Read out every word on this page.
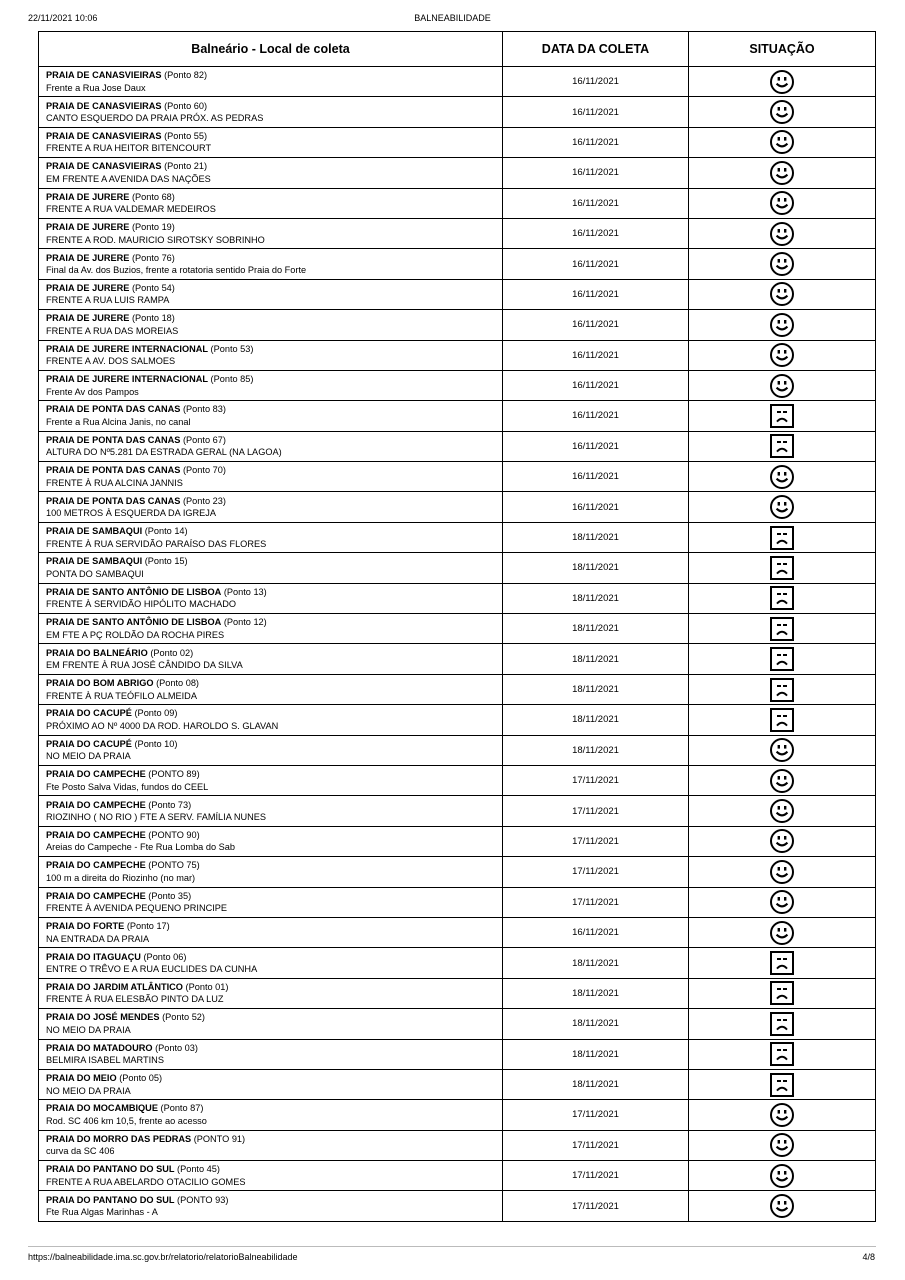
22/11/2021 10:06	BALNEABILIDADE
Balneário - Local de coleta	DATA DA COLETA	SITUAÇÃO
PRAIA DE CANASVIEIRAS (Ponto 82)
Frente a Rua Jose Daux	16/11/2021	

PRAIA DE CANASVIEIRAS (Ponto 60)
CANTO ESQUERDO DA PRAIA PRÓX. AS PEDRAS	16/11/2021	

PRAIA DE CANASVIEIRAS (Ponto 55)
FRENTE A RUA HEITOR BITENCOURT	16/11/2021	

PRAIA DE CANASVIEIRAS (Ponto 21)
EM FRENTE A AVENIDA DAS NAÇÕES	16/11/2021	

PRAIA DE JURERE (Ponto 68)
FRENTE A RUA VALDEMAR MEDEIROS	16/11/2021	

PRAIA DE JURERE (Ponto 19)
FRENTE A ROD. MAURICIO SIROTSKY SOBRINHO	16/11/2021	

PRAIA DE JURERE (Ponto 76)
Final da Av. dos Buzios, frente a rotatoria sentido Praia do Forte	16/11/2021	

PRAIA DE JURERE (Ponto 54)
FRENTE A RUA LUIS RAMPA	16/11/2021	

PRAIA DE JURERE (Ponto 18)
FRENTE A RUA DAS MOREIAS	16/11/2021	

PRAIA DE JURERE INTERNACIONAL (Ponto 53)
FRENTE A AV. DOS SALMOES	16/11/2021	

PRAIA DE JURERE INTERNACIONAL (Ponto 85)
Frente Av dos Pampos	16/11/2021	

PRAIA DE PONTA DAS CANAS (Ponto 83)
Frente a Rua Alcina Janis, no canal	16/11/2021	

PRAIA DE PONTA DAS CANAS (Ponto 67)
ALTURA DO Nº5.281 DA ESTRADA GERAL (NA LAGOA)	16/11/2021	

PRAIA DE PONTA DAS CANAS (Ponto 70)
FRENTE À RUA ALCINA JANNIS	16/11/2021	

PRAIA DE PONTA DAS CANAS (Ponto 23)
100 METROS À ESQUERDA DA IGREJA	16/11/2021	

PRAIA DE SAMBAQUI (Ponto 14)
FRENTE À RUA SERVIDÃO PARAÍSO DAS FLORES	18/11/2021	

PRAIA DE SAMBAQUI (Ponto 15)
PONTA DO SAMBAQUI	18/11/2021	

PRAIA DE SANTO ANTÔNIO DE LISBOA (Ponto 13)
FRENTE À SERVIDÃO HIPÓLITO MACHADO	18/11/2021	

PRAIA DE SANTO ANTÔNIO DE LISBOA (Ponto 12)
EM FTE A PÇ ROLDÃO DA ROCHA PIRES	18/11/2021	

PRAIA DO BALNEÁRIO (Ponto 02)
EM FRENTE À RUA JOSÉ CÂNDIDO DA SILVA	18/11/2021	

PRAIA DO BOM ABRIGO (Ponto 08)
FRENTE À RUA TEÓFILO ALMEIDA	18/11/2021	

PRAIA DO CACUPÉ (Ponto 09)
PRÓXIMO AO Nº 4000 DA ROD. HAROLDO S. GLAVAN	18/11/2021	

PRAIA DO CACUPÉ (Ponto 10)
NO MEIO DA PRAIA	18/11/2021	

PRAIA DO CAMPECHE (PONTO 89)
Fte Posto Salva Vidas, fundos do CEEL	17/11/2021	

PRAIA DO CAMPECHE (Ponto 73)
RIOZINHO ( NO RIO ) FTE A SERV. FAMÍLIA NUNES	17/11/2021	

PRAIA DO CAMPECHE (PONTO 90)
Areias do Campeche - Fte Rua Lomba do Sab	17/11/2021	

PRAIA DO CAMPECHE (PONTO 75)
100 m a direita do Riozinho (no mar)	17/11/2021	

PRAIA DO CAMPECHE (Ponto 35)
FRENTE À AVENIDA PEQUENO PRINCIPE	17/11/2021	

PRAIA DO FORTE (Ponto 17)
NA ENTRADA DA PRAIA	16/11/2021	

PRAIA DO ITAGUAÇU (Ponto 06)
ENTRE O TRÊVO E A RUA EUCLIDES DA CUNHA	18/11/2021	

PRAIA DO JARDIM ATLÂNTICO (Ponto 01)
FRENTE À RUA ELESBÃO PINTO DA LUZ	18/11/2021	

PRAIA DO JOSÉ MENDES (Ponto 52)
NO MEIO DA PRAIA	18/11/2021	

PRAIA DO MATADOURO (Ponto 03)
BELMIRA ISABEL MARTINS	18/11/2021	

PRAIA DO MEIO (Ponto 05)
NO MEIO DA PRAIA	18/11/2021	

PRAIA DO MOCAMBIQUE (Ponto 87)
Rod. SC 406 km 10,5, frente ao acesso	17/11/2021	

PRAIA DO MORRO DAS PEDRAS (PONTO 91)
curva da SC 406	17/11/2021	

PRAIA DO PANTANO DO SUL (Ponto 45)
FRENTE A RUA ABELARDO OTACILIO GOMES	17/11/2021	

PRAIA DO PANTANO DO SUL (PONTO 93)
Fte Rua Algas Marinhas - A	17/11/2021	
https://balneabilidade.ima.sc.gov.br/relatorio/relatorioBalneabilidade	4/8
